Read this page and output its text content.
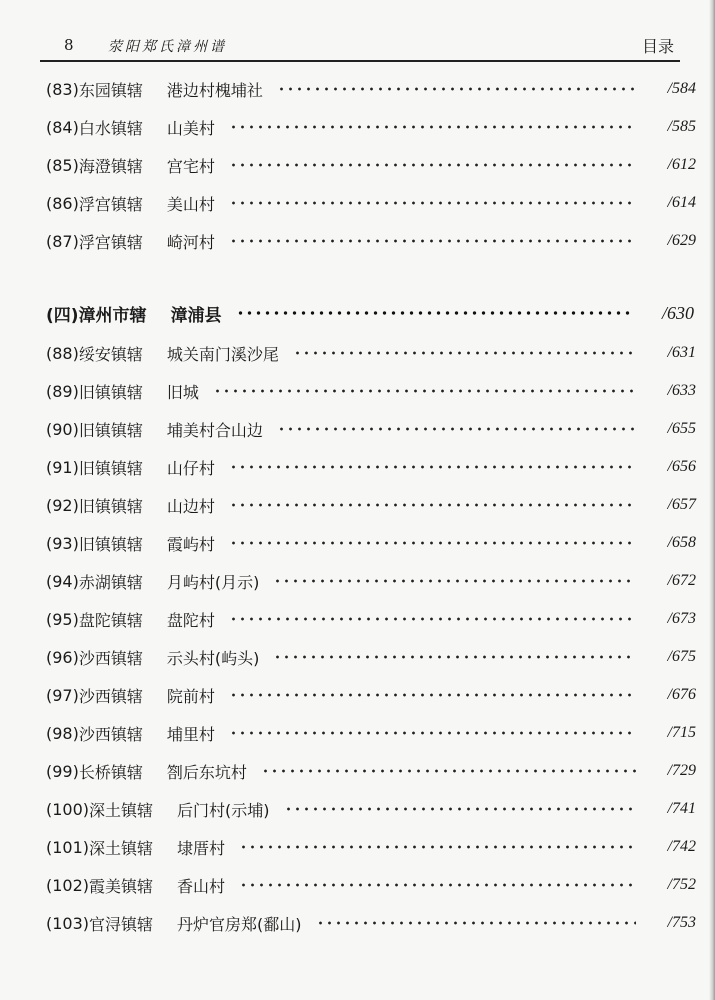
8 荥阳郑氏漳州谱	目录
(83) 东园镇辖 港边村槐埔社	/584
(84) 白水镇辖 山美村	/585
(85) 海澄镇辖 宫宅村	/612
(86) 浮宫镇辖 美山村	/614
(87) 浮宫镇辖 崎河村	/629
(四)漳州市辖 漳浦县	/630
(88) 绥安镇辖 城关南门溪沙尾	/631
(89) 旧镇镇辖 旧城	/633
(90) 旧镇镇辖 埔美村合山边	/655
(91) 旧镇镇辖 山仔村	/656
(92) 旧镇镇辖 山边村	/657
(93) 旧镇镇辖 霞屿村	/658
(94) 赤湖镇辖 月屿村(月示)	/672
(95) 盘陀镇辖 盘陀村	/673
(96) 沙西镇辖 示头村(屿头)	/675
(97) 沙西镇辖 院前村	/676
(98) 沙西镇辖 埔里村	/715
(99) 长桥镇辖 劄后东坑村	/729
(100) 深土镇辖 后门村(示埔)	/741
(101) 深土镇辖 埭厝村	/742
(102) 霞美镇辖 香山村	/752
(103) 官浔镇辖 丹炉官房郑(鄱山)	/753
